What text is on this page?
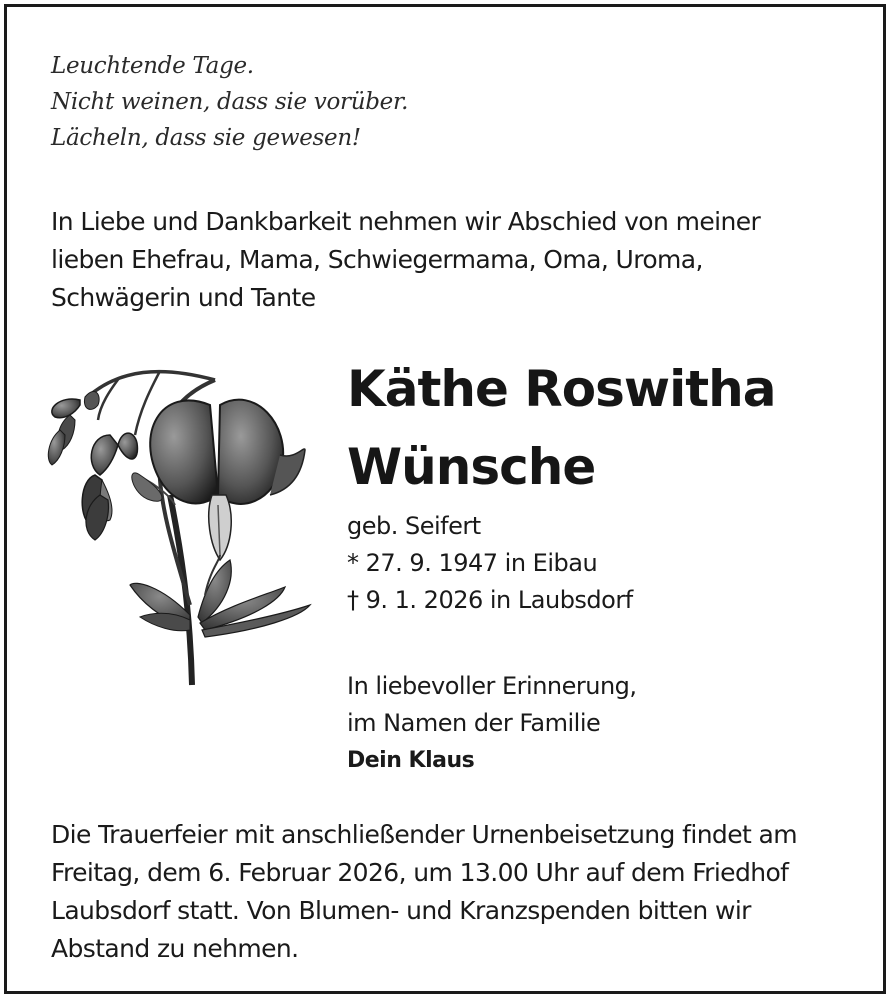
Leuchtende Tage.
Nicht weinen, dass sie vorüber.
Lächeln, dass sie gewesen!
In Liebe und Dankbarkeit nehmen wir Abschied von meiner
lieben Ehefrau, Mama, Schwiegermama, Oma, Uroma,
Schwägerin und Tante
Käthe Roswitha
Wünsche
geb. Seifert
* 27. 9. 1947 in Eibau
† 9. 1. 2026 in Laubsdorf
In liebevoller Erinnerung,
im Namen der Familie
Dein Klaus
Die Trauerfeier mit anschließender Urnenbeisetzung findet am
Freitag, dem 6. Februar 2026, um 13.00 Uhr auf dem Friedhof
Laubsdorf statt. Von Blumen- und Kranzspenden bitten wir
Abstand zu nehmen.
